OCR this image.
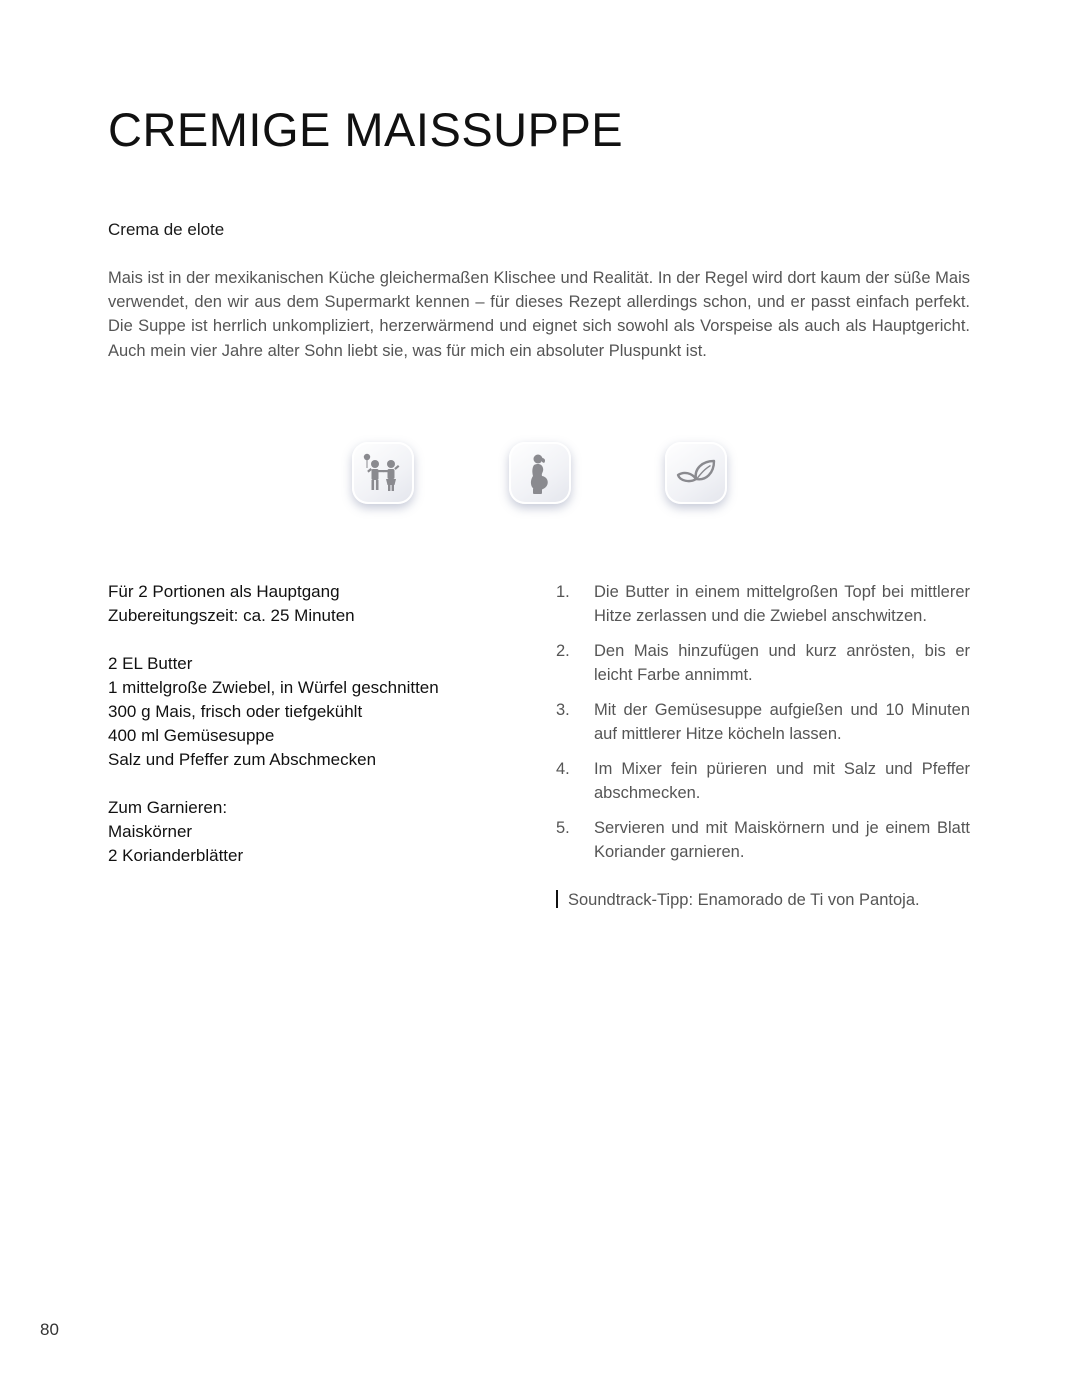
CREMIGE MAISSUPPE
Crema de elote

Mais ist in der mexikanischen Küche gleichermaßen Klischee und Realität. In der Regel wird dort kaum der süße Mais verwendet, den wir aus dem Supermarkt kennen – für dieses Rezept allerdings schon, und er passt einfach perfekt. Die Suppe ist herrlich unkompliziert, herzerwärmend und eignet sich sowohl als Vorspeise als auch als Hauptgericht. Auch mein vier Jahre alter Sohn liebt sie, was für mich ein absoluter Pluspunkt ist.

Für 2 Portionen als Hauptgang
Zubereitungszeit: ca. 25 Minuten
2 EL Butter
1 mittelgroße Zwiebel, in Würfel geschnitten
300 g Mais, frisch oder tiefgekühlt
400 ml Gemüsesuppe
Salz und Pfeffer zum Abschmecken
Zum Garnieren:
Maiskörner
2 Korianderblätter
1.	Die Butter in einem mittelgroßen Topf bei mittlerer Hitze zerlassen und die Zwiebel anschwitzen.
2.	Den Mais hinzufügen und kurz anrösten, bis er leicht Farbe annimmt.
3.	Mit der Gemüsesuppe aufgießen und 10 Minuten auf mittlerer Hitze köcheln lassen.
4.	Im Mixer fein pürieren und mit Salz und Pfeffer abschmecken.
5.	Servieren und mit Maiskörnern und je einem Blatt Koriander garnieren.
Soundtrack-Tipp: Enamorado de Ti von Pantoja.
80
